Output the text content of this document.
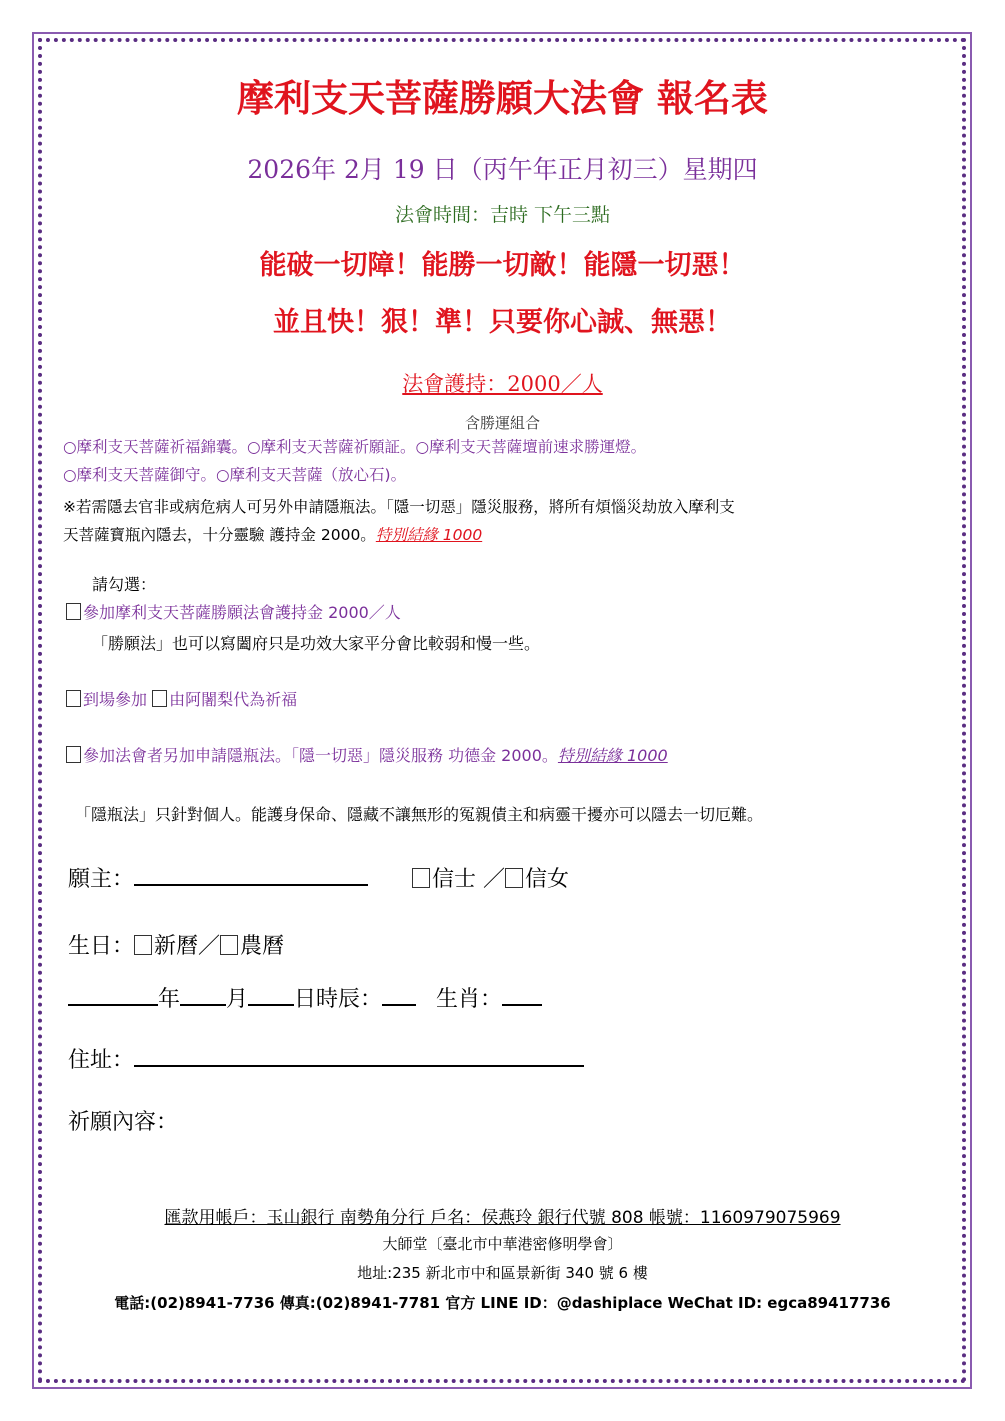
摩利支天菩薩勝願大法會 報名表
2026年 2月 19 日（丙午年正月初三）星期四
法會時間：吉時 下午三點
能破一切障！能勝一切敵！能隱一切惡！
並且快！狠！準！只要你心誠、無惡！
法會護持：2000／人
含勝運組合
○摩利支天菩薩祈福錦囊。○摩利支天菩薩祈願証。○摩利支天菩薩壇前速求勝運燈。
○摩利支天菩薩御守。○摩利支天菩薩（放心石)。
※若需隱去官非或病危病人可另外申請隱瓶法。「隱一切惡」隱災服務，將所有煩惱災劫放入摩利支
天菩薩寶瓶內隱去，十分靈驗 護持金 2000。特別結緣 1000
請勾選：
參加摩利支天菩薩勝願法會護持金 2000／人
「勝願法」也可以寫闔府只是功效大家平分會比較弱和慢一些。
到場參加 由阿闍梨代為祈福
參加法會者另加申請隱瓶法。「隱一切惡」隱災服務 功德金 2000。特別結緣 1000
「隱瓶法」只針對個人。能護身保命、隱藏不讓無形的冤親債主和病靈干擾亦可以隱去一切厄難。
願主：	信士 ／ 信女
生日： 新曆／ 農曆
年 月 日時辰： 生肖：
住址：
祈願內容：
匯款用帳戶：玉山銀行 南勢角分行 戶名：侯燕玲 銀行代號 808 帳號：1160979075969
大師堂〔臺北市中華港密修明學會〕
地址:235 新北市中和區景新街 340 號 6 樓
電話:(02)8941-7736 傳真:(02)8941-7781 官方 LINE ID：@dashiplace WeChat ID: egca89417736
